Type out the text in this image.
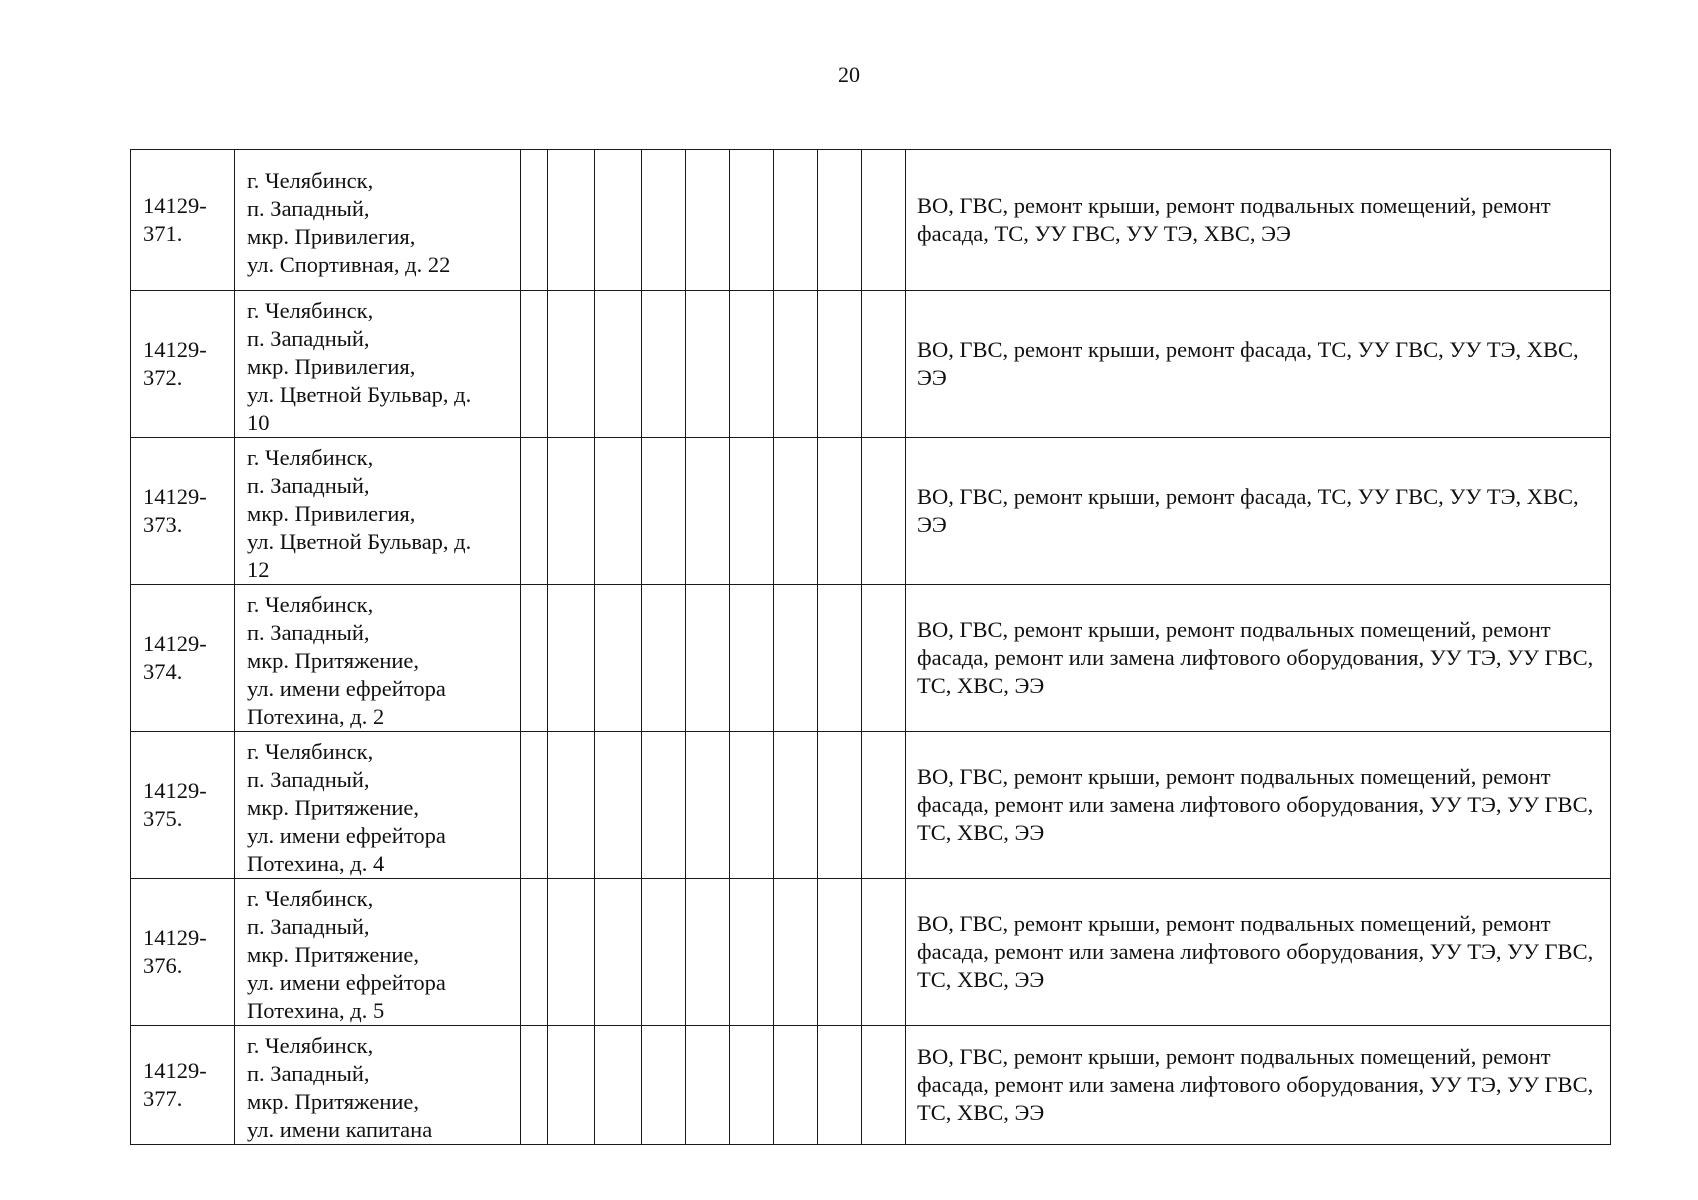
20
14129-
371.	г. Челябинск,
п. Западный,
мкр. Привилегия,
ул. Спортивная, д. 22										ВО, ГВС, ремонт крыши, ремонт подвальных помещений, ремонт фасада, ТС, УУ ГВС, УУ ТЭ, ХВС, ЭЭ

14129-
372.	г. Челябинск,
п. Западный,
мкр. Привилегия,
ул. Цветной Бульвар, д.
10										ВО, ГВС, ремонт крыши, ремонт фасада, ТС, УУ ГВС, УУ ТЭ, ХВС, ЭЭ

14129-
373.	г. Челябинск,
п. Западный,
мкр. Привилегия,
ул. Цветной Бульвар, д.
12										ВО, ГВС, ремонт крыши, ремонт фасада, ТС, УУ ГВС, УУ ТЭ, ХВС, ЭЭ

14129-
374.	г. Челябинск,
п. Западный,
мкр. Притяжение,
ул. имени ефрейтора
Потехина, д. 2										ВО, ГВС, ремонт крыши, ремонт подвальных помещений, ремонт фасада, ремонт или замена лифтового оборудования, УУ ТЭ, УУ ГВС, ТС, ХВС, ЭЭ

14129-
375.	г. Челябинск,
п. Западный,
мкр. Притяжение,
ул. имени ефрейтора
Потехина, д. 4										ВО, ГВС, ремонт крыши, ремонт подвальных помещений, ремонт фасада, ремонт или замена лифтового оборудования, УУ ТЭ, УУ ГВС, ТС, ХВС, ЭЭ

14129-
376.	г. Челябинск,
п. Западный,
мкр. Притяжение,
ул. имени ефрейтора
Потехина, д. 5										ВО, ГВС, ремонт крыши, ремонт подвальных помещений, ремонт фасада, ремонт или замена лифтового оборудования, УУ ТЭ, УУ ГВС, ТС, ХВС, ЭЭ

14129-
377.	г. Челябинск,
п. Западный,
мкр. Притяжение,
ул. имени капитана										ВО, ГВС, ремонт крыши, ремонт подвальных помещений, ремонт фасада, ремонт или замена лифтового оборудования, УУ ТЭ, УУ ГВС, ТС, ХВС, ЭЭ
